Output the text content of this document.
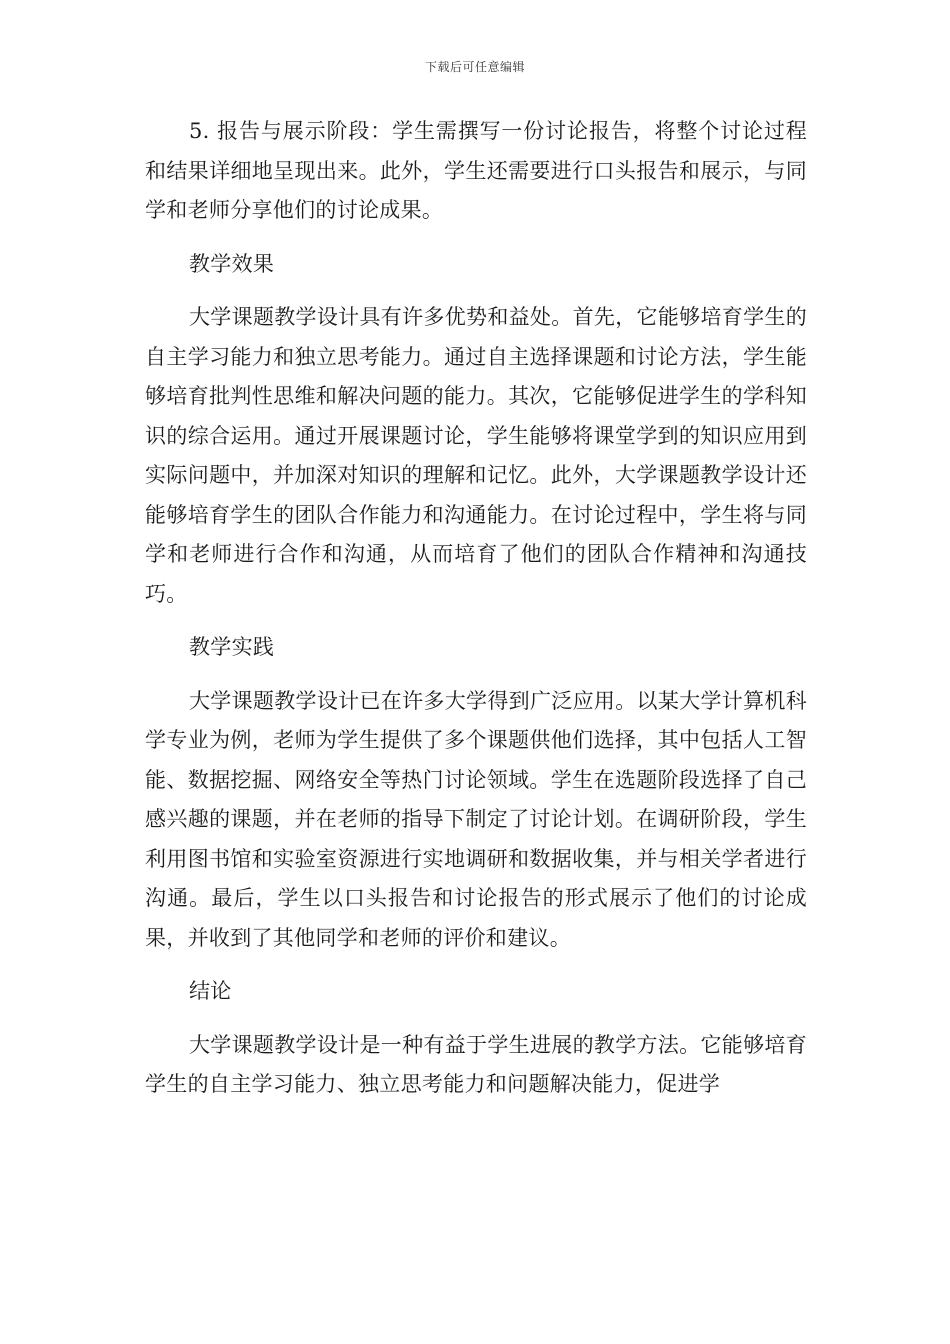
下载后可任意编辑

5. 报告与展示阶段：学生需撰写一份讨论报告，将整个讨论过程和结果详细地呈现出来。此外，学生还需要进行口头报告和展示，与同学和老师分享他们的讨论成果。

教学效果

大学课题教学设计具有许多优势和益处。首先，它能够培育学生的自主学习能力和独立思考能力。通过自主选择课题和讨论方法，学生能够培育批判性思维和解决问题的能力。其次，它能够促进学生的学科知识的综合运用。通过开展课题讨论，学生能够将课堂学到的知识应用到实际问题中，并加深对知识的理解和记忆。此外，大学课题教学设计还能够培育学生的团队合作能力和沟通能力。在讨论过程中，学生将与同学和老师进行合作和沟通，从而培育了他们的团队合作精神和沟通技巧。

教学实践

大学课题教学设计已在许多大学得到广泛应用。以某大学计算机科学专业为例，老师为学生提供了多个课题供他们选择，其中包括人工智能、数据挖掘、网络安全等热门讨论领域。学生在选题阶段选择了自己感兴趣的课题，并在老师的指导下制定了讨论计划。在调研阶段，学生利用图书馆和实验室资源进行实地调研和数据收集，并与相关学者进行沟通。最后，学生以口头报告和讨论报告的形式展示了他们的讨论成果，并收到了其他同学和老师的评价和建议。

结论

大学课题教学设计是一种有益于学生进展的教学方法。它能够培育学生的自主学习能力、独立思考能力和问题解决能力，促进学
